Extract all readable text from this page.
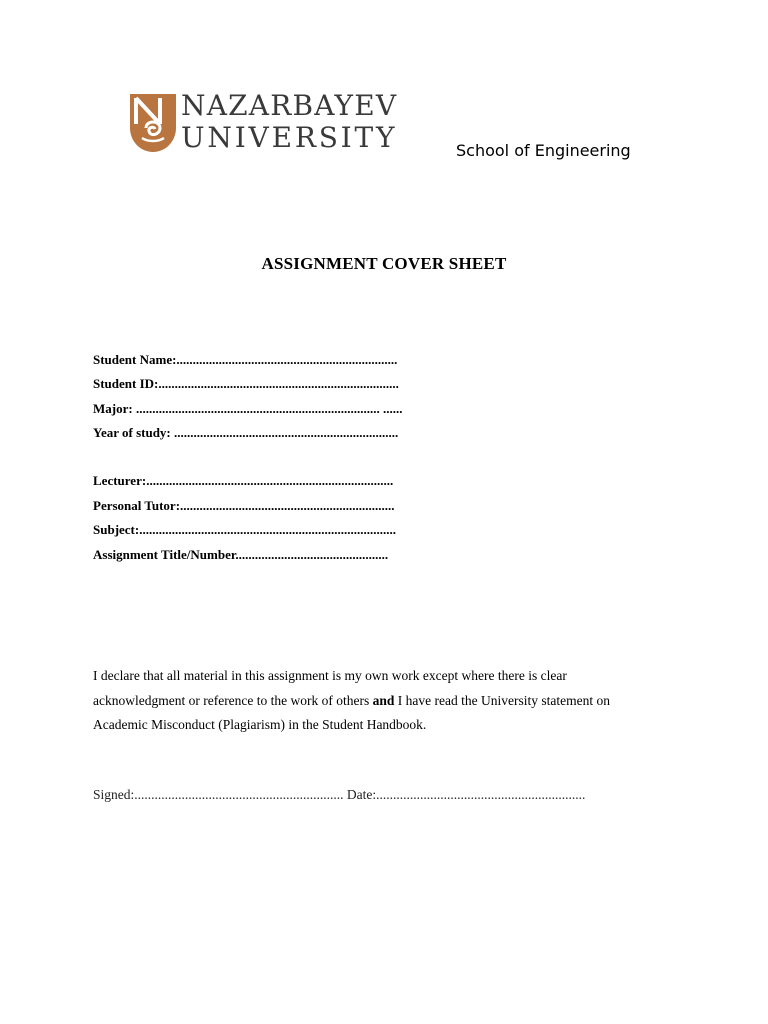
NAZARBAYEV
UNIVERSITY	School of Engineering
ASSIGNMENT COVER SHEET
Student Name:....................................................................
Student ID:..........................................................................
Major: ........................................................................... ......
Year of study: .....................................................................
Lecturer:............................................................................
Personal Tutor:..................................................................
Subject:...............................................................................
Assignment Title/Number...............................................
I declare that all material in this assignment is my own work except where there is clear
acknowledgment or reference to the work of others and I have read the University statement on
Academic Misconduct (Plagiarism) in the Student Handbook.
Signed:.............................................................. Date:..............................................................
